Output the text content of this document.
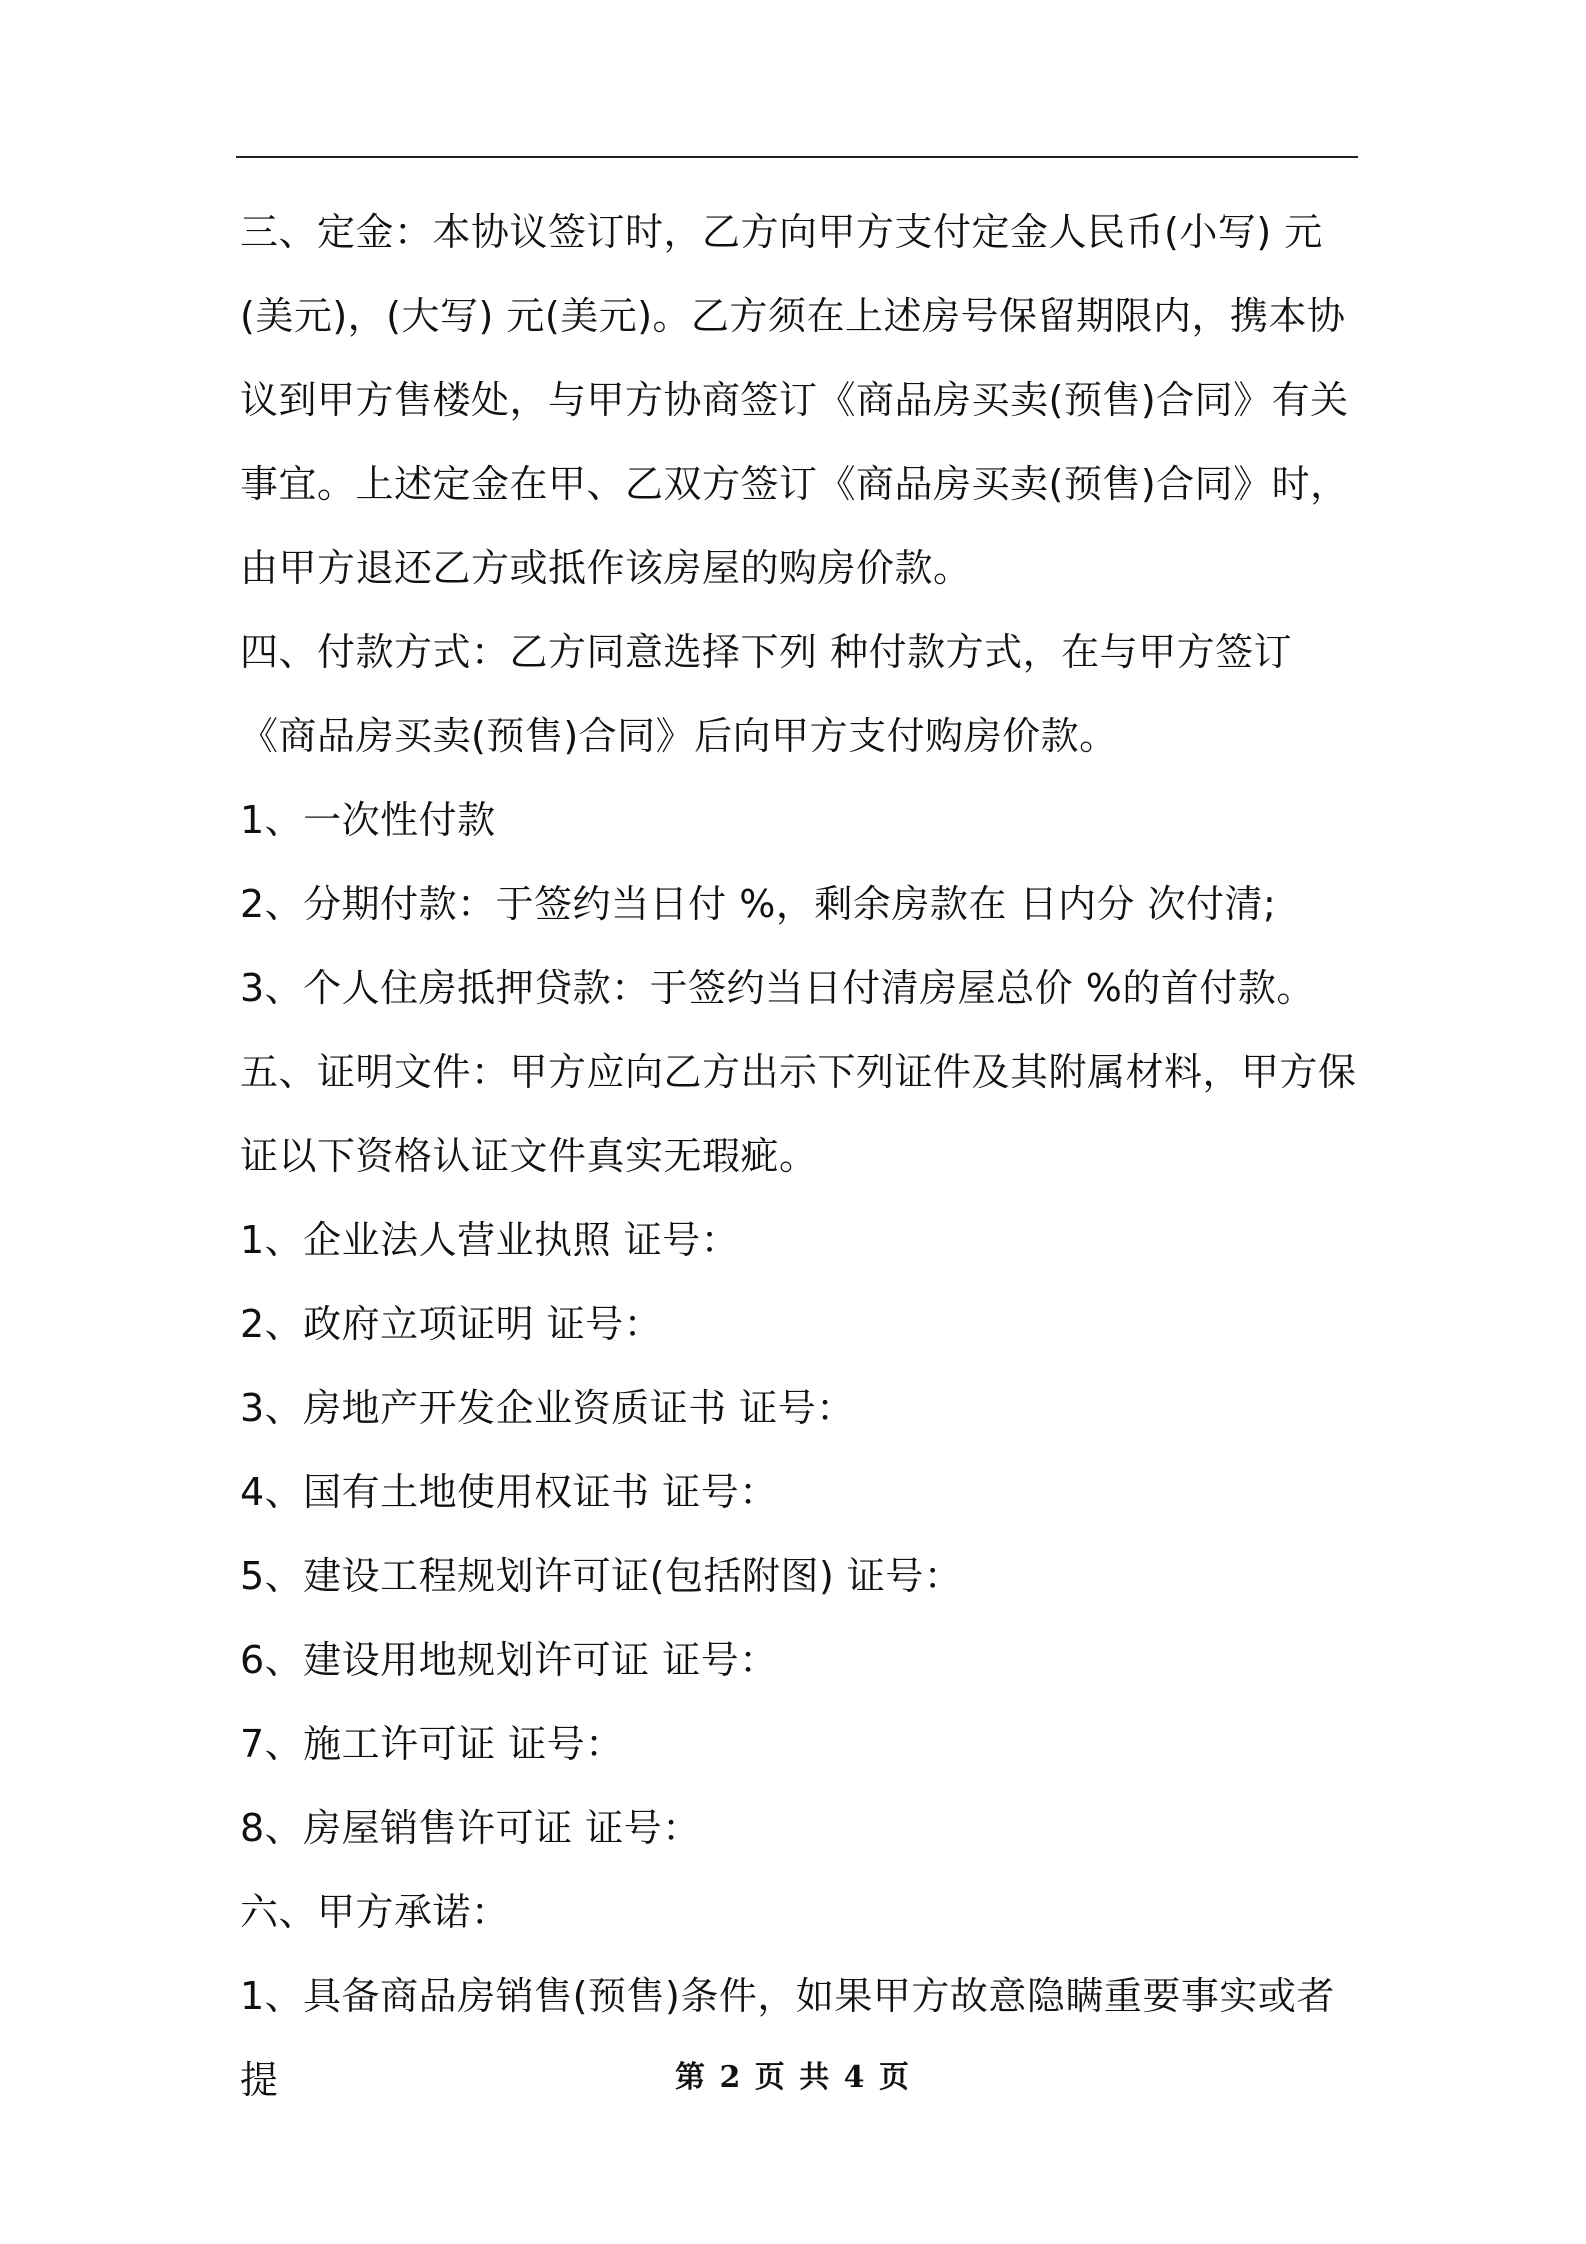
三、定金：本协议签订时，乙方向甲方支付定金人民币(小写) 元(美元)，(大写) 元(美元)。乙方须在上述房号保留期限内，携本协议到甲方售楼处，与甲方协商签订《商品房买卖(预售)合同》有关事宜。上述定金在甲、乙双方签订《商品房买卖(预售)合同》时，由甲方退还乙方或抵作该房屋的购房价款。

四、付款方式：乙方同意选择下列 种付款方式，在与甲方签订《商品房买卖(预售)合同》后向甲方支付购房价款。

1、一次性付款

2、分期付款：于签约当日付 %，剩余房款在 日内分 次付清;

3、个人住房抵押贷款：于签约当日付清房屋总价 %的首付款。

五、证明文件：甲方应向乙方出示下列证件及其附属材料，甲方保证以下资格认证文件真实无瑕疵。

1、企业法人营业执照 证号：

2、政府立项证明 证号：

3、房地产开发企业资质证书 证号：

4、国有土地使用权证书 证号：

5、建设工程规划许可证(包括附图) 证号：

6、建设用地规划许可证 证号：

7、施工许可证 证号：

8、房屋销售许可证 证号：

六、甲方承诺：

1、具备商品房销售(预售)条件，如果甲方故意隐瞒重要事实或者提	第 2 页 共 4 页
